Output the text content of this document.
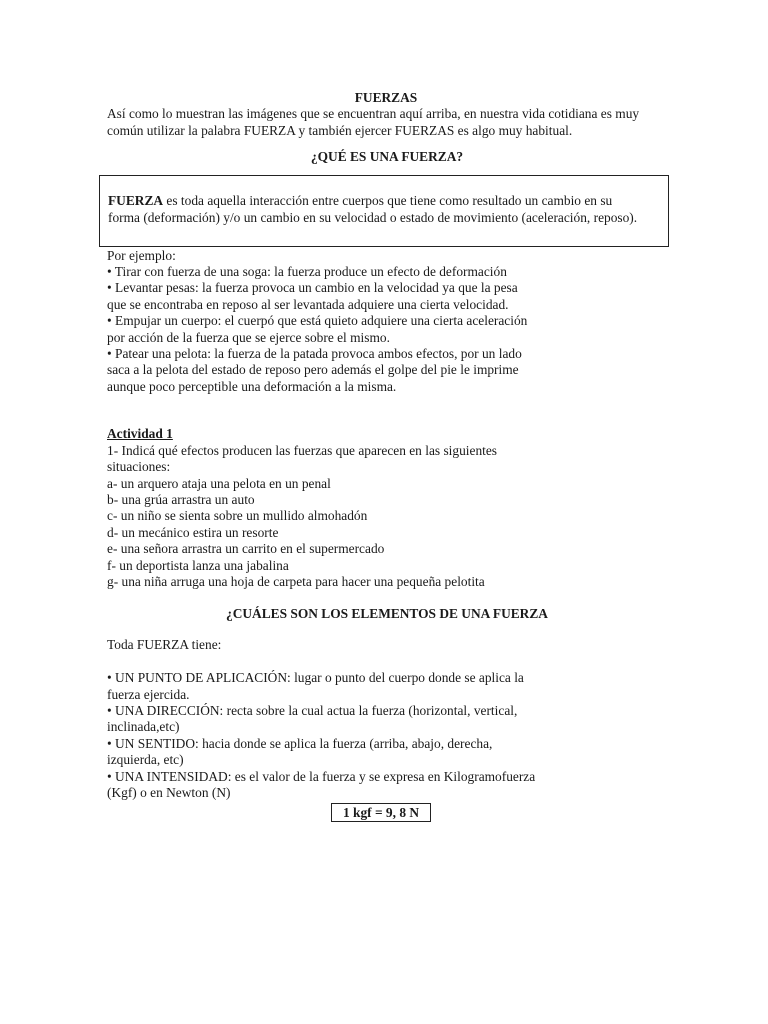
FUERZAS

Así como lo muestran las imágenes que se encuentran aquí arriba, en nuestra vida cotidiana es muy
común utilizar la palabra FUERZA y también ejercer FUERZAS es algo muy habitual.

¿QUÉ ES UNA FUERZA?
FUERZA es toda aquella interacción entre cuerpos que tiene como resultado un cambio en su
forma (deformación) y/o un cambio en su velocidad o estado de movimiento (aceleración, reposo).
Por ejemplo:
• Tirar con fuerza de una soga: la fuerza produce un efecto de deformación
• Levantar pesas: la fuerza provoca un cambio en la velocidad ya que la pesa
que se encontraba en reposo al ser levantada adquiere una cierta velocidad.
• Empujar un cuerpo: el cuerpó que está quieto adquiere una cierta aceleración
por acción de la fuerza que se ejerce sobre el mismo.
• Patear una pelota: la fuerza de la patada provoca ambos efectos, por un lado
saca a la pelota del estado de reposo pero además el golpe del pie le imprime
aunque poco perceptible una deformación a la misma.
Actividad 1
1- Indicá qué efectos producen las fuerzas que aparecen en las siguientes
situaciones:
a- un arquero ataja una pelota en un penal
b- una grúa arrastra un auto
c- un niño se sienta sobre un mullido almohadón
d- un mecánico estira un resorte
e- una señora arrastra un carrito en el supermercado
f- un deportista lanza una jabalina
g- una niña arruga una hoja de carpeta para hacer una pequeña pelotita
¿CUÁLES SON LOS ELEMENTOS DE UNA FUERZA
Toda FUERZA tiene:
• UN PUNTO DE APLICACIÓN: lugar o punto del cuerpo donde se aplica la
fuerza ejercida.
• UNA DIRECCIÓN: recta sobre la cual actua la fuerza (horizontal, vertical,
inclinada,etc)
• UN SENTIDO: hacia donde se aplica la fuerza (arriba, abajo, derecha,
izquierda, etc)
• UNA INTENSIDAD: es el valor de la fuerza y se expresa en Kilogramofuerza
(Kgf) o en Newton (N)
1 kgf = 9, 8 N
